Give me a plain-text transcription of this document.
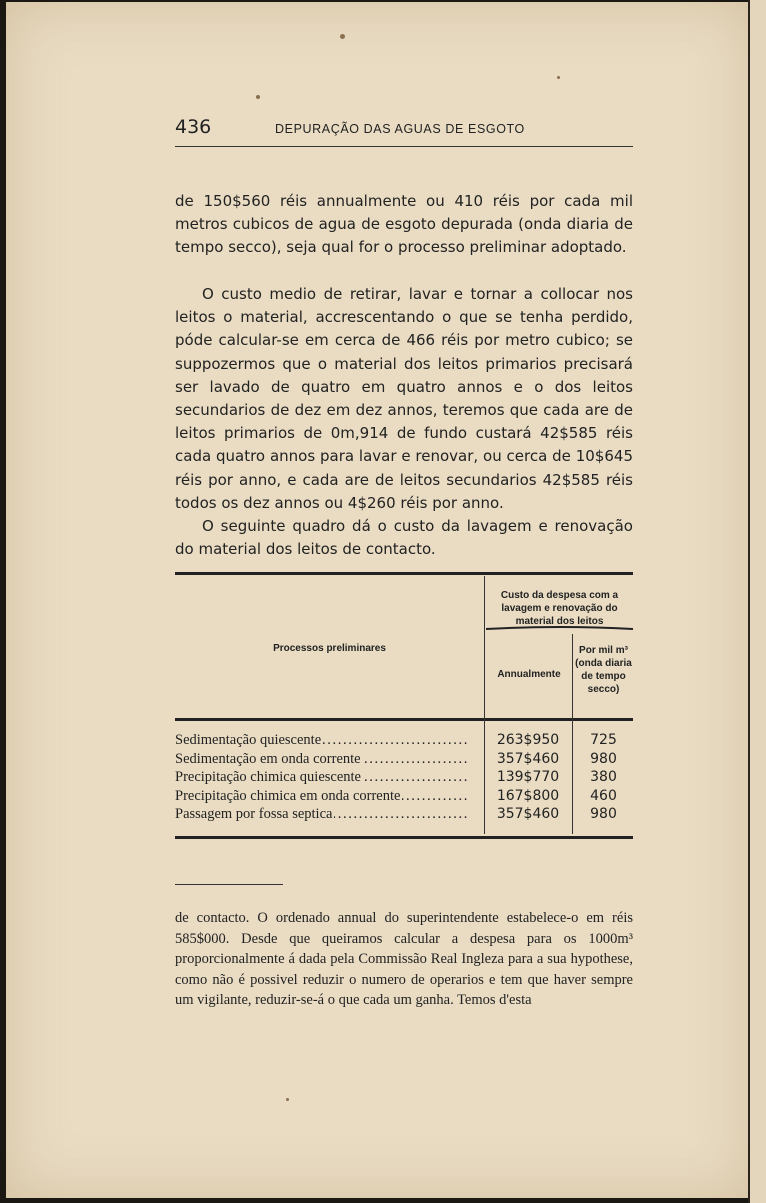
436	DEPURAÇÃO DAS AGUAS DE ESGOTO

de 150$560 réis annualmente ou 410 réis por cada mil metros cubicos de agua de esgoto depurada (onda diaria de tempo secco), seja qual for o processo preliminar adoptado.

O custo medio de retirar, lavar e tornar a collocar nos leitos o material, accrescentando o que se tenha perdido, póde calcular-se em cerca de 466 réis por metro cubico; se suppozermos que o material dos leitos primarios precisará ser lavado de quatro em quatro annos e o dos leitos secundarios de dez em dez annos, teremos que cada are de leitos primarios de 0m,914 de fundo custará 42$585 réis cada quatro annos para lavar e renovar, ou cerca de 10$645 réis por anno, e cada are de leitos secundarios 42$585 réis todos os dez annos ou 4$260 réis por anno.

O seguinte quadro dá o custo da lavagem e renovação do material dos leitos de contacto.

Processos preliminares
Custo da despesa com a lavagem e renovação do material dos leitos
Annualmente
Por mil m³ (onda diaria de tempo secco)
Sedimentação quiescente . . .	263$950	725
Sedimentação em onda corrente . . .	357$460	980
Precipitação chimica quiescente . . .	139$770	380
Precipitação chimica em onda corrente . . .	167$800	460
Passagem por fossa septica . . .	357$460	980

de contacto. O ordenado annual do superintendente estabelece-o em réis 585$000. Desde que queiramos calcular a despesa para os 1000m³ proporcionalmente á dada pela Commissão Real Ingleza para a sua hypothese, como não é possivel reduzir o numero de operarios e tem que haver sempre um vigilante, reduzir-se-á o que cada um ganha. Temos d'esta
